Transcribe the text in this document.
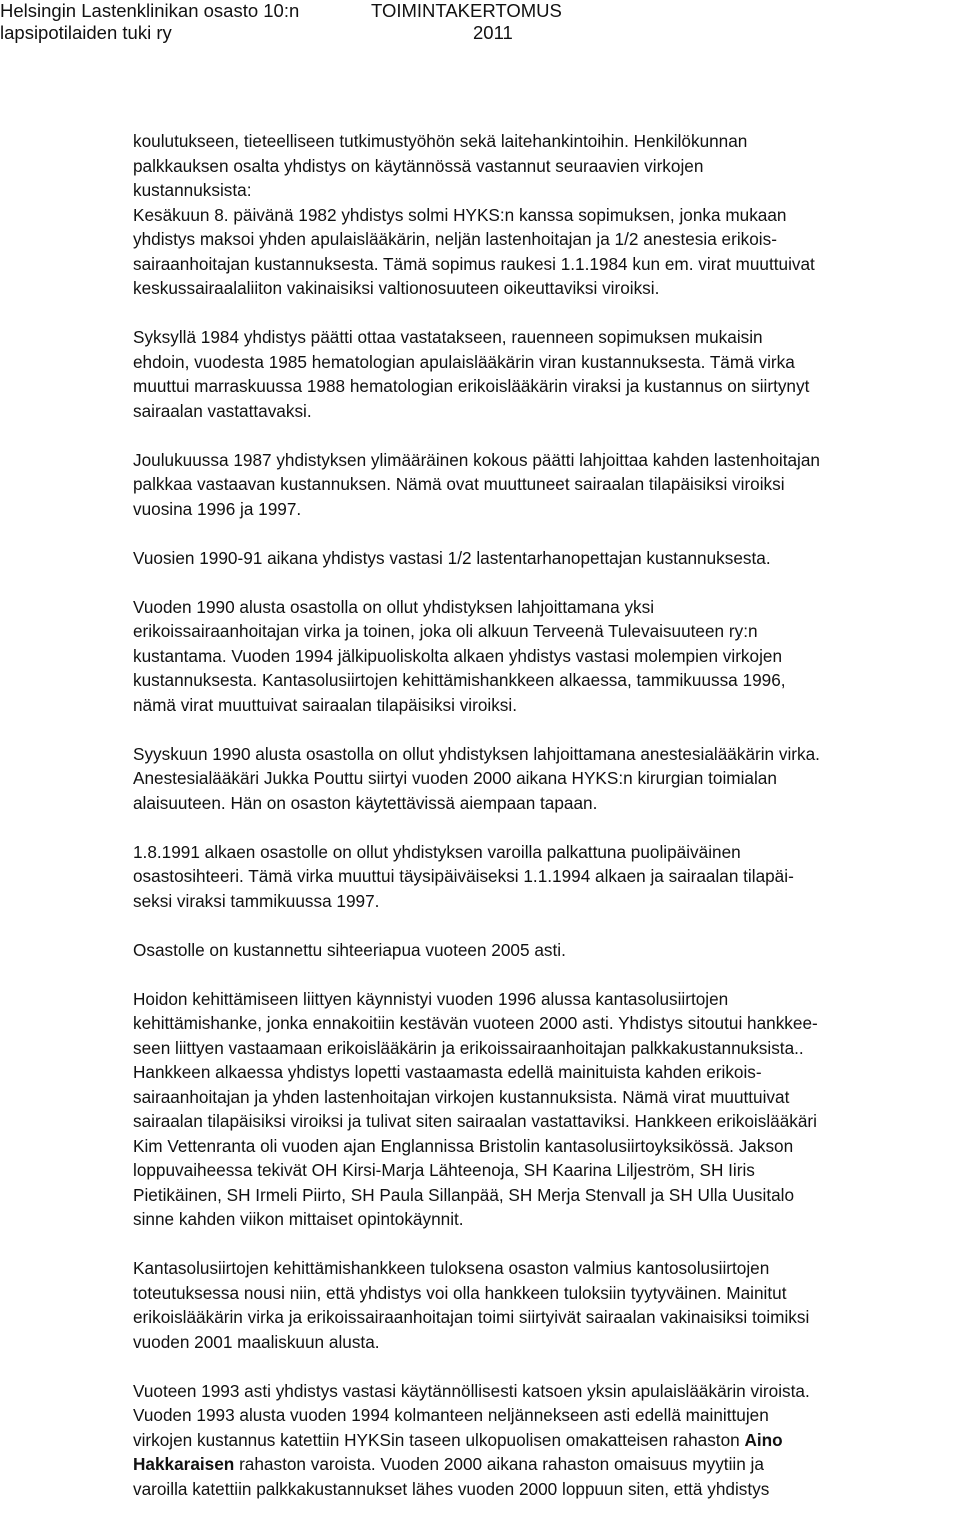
Helsingin Lastenklinikan osasto 10:n
lapsipotilaiden tuki ry
TOIMINTAKERTOMUS
2011
koulutukseen, tieteelliseen tutkimustyöhön sekä laitehankintoihin. Henkilökunnan
palkkauksen osalta yhdistys on käytännössä vastannut seuraavien virkojen
kustannuksista:
Kesäkuun 8. päivänä 1982 yhdistys solmi HYKS:n kanssa sopimuksen, jonka mukaan
yhdistys maksoi yhden apulaislääkärin, neljän lastenhoitajan ja 1/2 anestesia erikois-
sairaanhoitajan kustannuksesta. Tämä sopimus raukesi 1.1.1984 kun em. virat muuttuivat
keskussairaalaliiton vakinaisiksi valtionosuuteen oikeuttaviksi viroiksi.
Syksyllä 1984 yhdistys päätti ottaa vastatakseen, rauenneen sopimuksen mukaisin
ehdoin, vuodesta 1985 hematologian apulaislääkärin viran kustannuksesta. Tämä virka
muuttui marraskuussa 1988 hematologian erikoislääkärin viraksi ja kustannus on siirtynyt
sairaalan vastattavaksi.
Joulukuussa 1987 yhdistyksen ylimääräinen kokous päätti lahjoittaa kahden lastenhoitajan
palkkaa vastaavan kustannuksen. Nämä ovat muuttuneet sairaalan tilapäisiksi viroiksi
vuosina 1996 ja 1997.
Vuosien 1990-91 aikana yhdistys vastasi 1/2 lastentarhanopettajan kustannuksesta.
Vuoden 1990 alusta osastolla on ollut yhdistyksen lahjoittamana yksi
erikoissairaanhoitajan virka ja toinen, joka oli alkuun Terveenä Tulevaisuuteen ry:n
kustantama. Vuoden 1994 jälkipuoliskolta alkaen yhdistys vastasi molempien virkojen
kustannuksesta. Kantasolusiirtojen kehittämishankkeen alkaessa, tammikuussa 1996,
nämä virat muuttuivat sairaalan tilapäisiksi viroiksi.
Syyskuun 1990 alusta osastolla on ollut yhdistyksen lahjoittamana anestesialääkärin virka.
Anestesialääkäri Jukka Pouttu siirtyi vuoden 2000 aikana HYKS:n kirurgian toimialan
alaisuuteen. Hän on osaston käytettävissä aiempaan tapaan.
1.8.1991 alkaen osastolle on ollut yhdistyksen varoilla palkattuna puolipäiväinen
osastosihteeri. Tämä virka muuttui täysipäiväiseksi 1.1.1994 alkaen ja sairaalan tilapäi-
seksi viraksi tammikuussa 1997.
Osastolle on kustannettu sihteeriapua vuoteen 2005 asti.
Hoidon kehittämiseen liittyen käynnistyi vuoden 1996 alussa kantasolusiirtojen
kehittämishanke, jonka ennakoitiin kestävän vuoteen 2000 asti. Yhdistys sitoutui hankkee-
seen liittyen vastaamaan erikoislääkärin ja erikoissairaanhoitajan palkkakustannuksista..
Hankkeen alkaessa yhdistys lopetti vastaamasta edellä mainituista kahden erikois-
sairaanhoitajan ja yhden lastenhoitajan virkojen kustannuksista. Nämä virat muuttuivat
sairaalan tilapäisiksi viroiksi ja tulivat siten sairaalan vastattaviksi. Hankkeen erikoislääkäri
Kim Vettenranta oli vuoden ajan Englannissa Bristolin kantasolusiirtoyksikössä. Jakson
loppuvaiheessa tekivät OH Kirsi-Marja Lähteenoja, SH Kaarina Liljeström, SH Iiris
Pietikäinen, SH Irmeli Piirto, SH Paula Sillanpää, SH Merja Stenvall ja SH Ulla Uusitalo
sinne kahden viikon mittaiset opintokäynnit.
Kantasolusiirtojen kehittämishankkeen tuloksena osaston valmius kantosolusiirtojen
toteutuksessa nousi niin, että yhdistys voi olla hankkeen tuloksiin tyytyväinen. Mainitut
erikoislääkärin virka ja erikoissairaanhoitajan toimi siirtyivät sairaalan vakinaisiksi toimiksi
vuoden 2001 maaliskuun alusta.
Vuoteen 1993 asti yhdistys vastasi käytännöllisesti katsoen yksin apulaislääkärin viroista.
Vuoden 1993 alusta vuoden 1994 kolmanteen neljännekseen asti edellä mainittujen
virkojen kustannus katettiin HYKSin taseen ulkopuolisen omakatteisen rahaston Aino
Hakkaraisen rahaston varoista. Vuoden 2000 aikana rahaston omaisuus myytiin ja
varoilla katettiin palkkakustannukset lähes vuoden 2000 loppuun siten, että yhdistys
